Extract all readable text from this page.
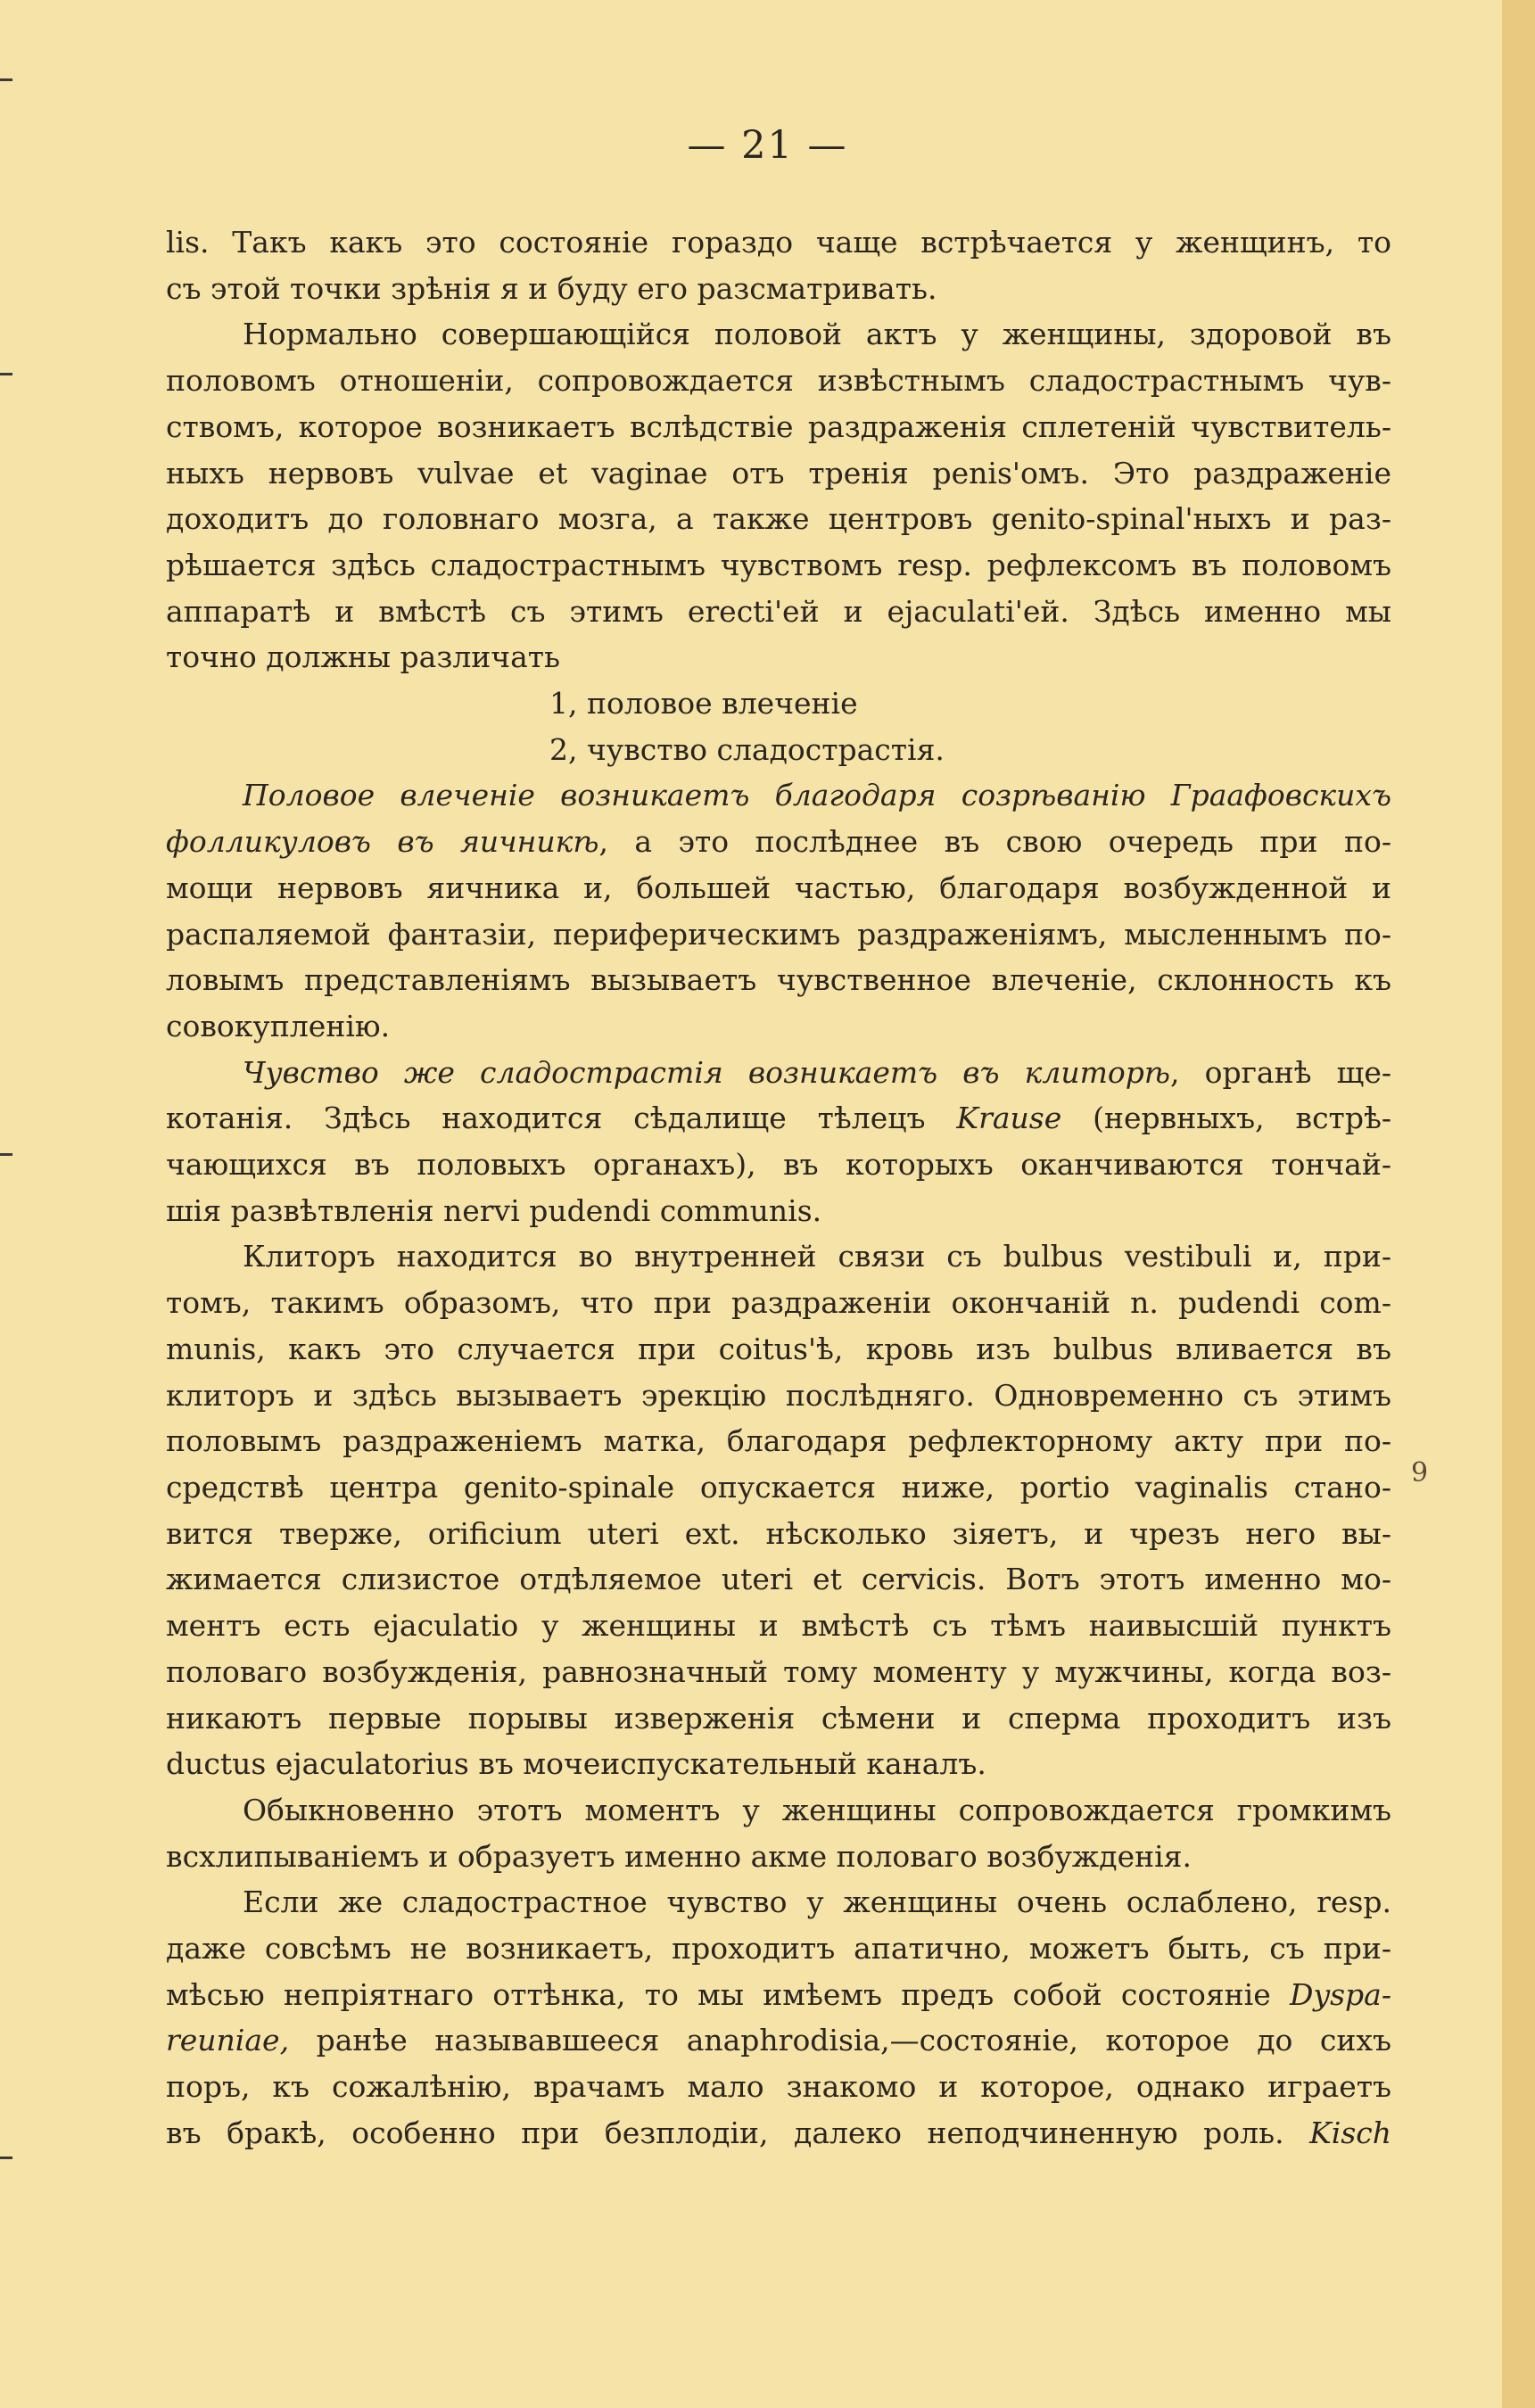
— 21 —
9
lis. Такъ какъ это состояніе гораздо чаще встрѣчается у женщинъ, то
съ этой точки зрѣнія я и буду его разсматривать.
Нормально совершающійся половой актъ у женщины, здоровой въ
половомъ отношеніи, сопровождается извѣстнымъ сладострастнымъ чув-
ствомъ, которое возникаетъ вслѣдствіе раздраженія сплетеній чувствитель-
ныхъ нервовъ vulvae et vaginae отъ тренія penis'омъ. Это раздраженіе
доходитъ до головнаго мозга, а также центровъ genito-spinal'ныхъ и раз-
рѣшается здѣсь сладострастнымъ чувствомъ resp. рефлексомъ въ половомъ
аппаратѣ и вмѣстѣ съ этимъ erecti'ей и ejaculati'ей. Здѣсь именно мы
точно должны различать
1, половое влеченіе
2, чувство сладострастія.
Половое влеченіе возникаетъ благодаря созрѣванію Граафовскихъ
фолликуловъ въ яичникѣ, а это послѣднее въ свою очередь при по-
мощи нервовъ яичника и, большей частью, благодаря возбужденной и
распаляемой фантазіи, периферическимъ раздраженіямъ, мысленнымъ по-
ловымъ представленіямъ вызываетъ чувственное влеченіе, склонность къ
совокупленію.
Чувство же сладострастія возникаетъ въ клиторѣ, органѣ ще-
котанія. Здѣсь находится сѣдалище тѣлецъ Krause (нервныхъ, встрѣ-
чающихся въ половыхъ органахъ), въ которыхъ оканчиваются тончай-
шія развѣтвленія nervi pudendi communis.
Клиторъ находится во внутренней связи съ bulbus vestibuli и, при-
томъ, такимъ образомъ, что при раздраженіи окончаній n. pudendi com-
munis, какъ это случается при coitus'ѣ, кровь изъ bulbus вливается въ
клиторъ и здѣсь вызываетъ эрекцію послѣдняго. Одновременно съ этимъ
половымъ раздраженіемъ матка, благодаря рефлекторному акту при по-
средствѣ центра genito-spinale опускается ниже, portio vaginalis стано-
вится тверже, orificium uteri ext. нѣсколько зіяетъ, и чрезъ него вы-
жимается слизистое отдѣляемое uteri et cervicis. Вотъ этотъ именно мо-
ментъ есть ejaculatio у женщины и вмѣстѣ съ тѣмъ наивысшій пунктъ
половаго возбужденія, равнозначный тому моменту у мужчины, когда воз-
никаютъ первые порывы изверженія сѣмени и сперма проходитъ изъ
ductus ejaculatorius въ мочеиспускательный каналъ.
Обыкновенно этотъ моментъ у женщины сопровождается громкимъ
всхлипываніемъ и образуетъ именно акме половаго возбужденія.
Если же сладострастное чувство у женщины очень ослаблено, resp.
даже совсѣмъ не возникаетъ, проходитъ апатично, можетъ быть, съ при-
мѣсью непріятнаго оттѣнка, то мы имѣемъ предъ собой состояніе Dyspa-
reuniae, ранѣе называвшееся anaphrodisia,—состояніе, которое до сихъ
поръ, къ сожалѣнію, врачамъ мало знакомо и которое, однако играетъ
въ бракѣ, особенно при безплодіи, далеко неподчиненную роль. Kisch
